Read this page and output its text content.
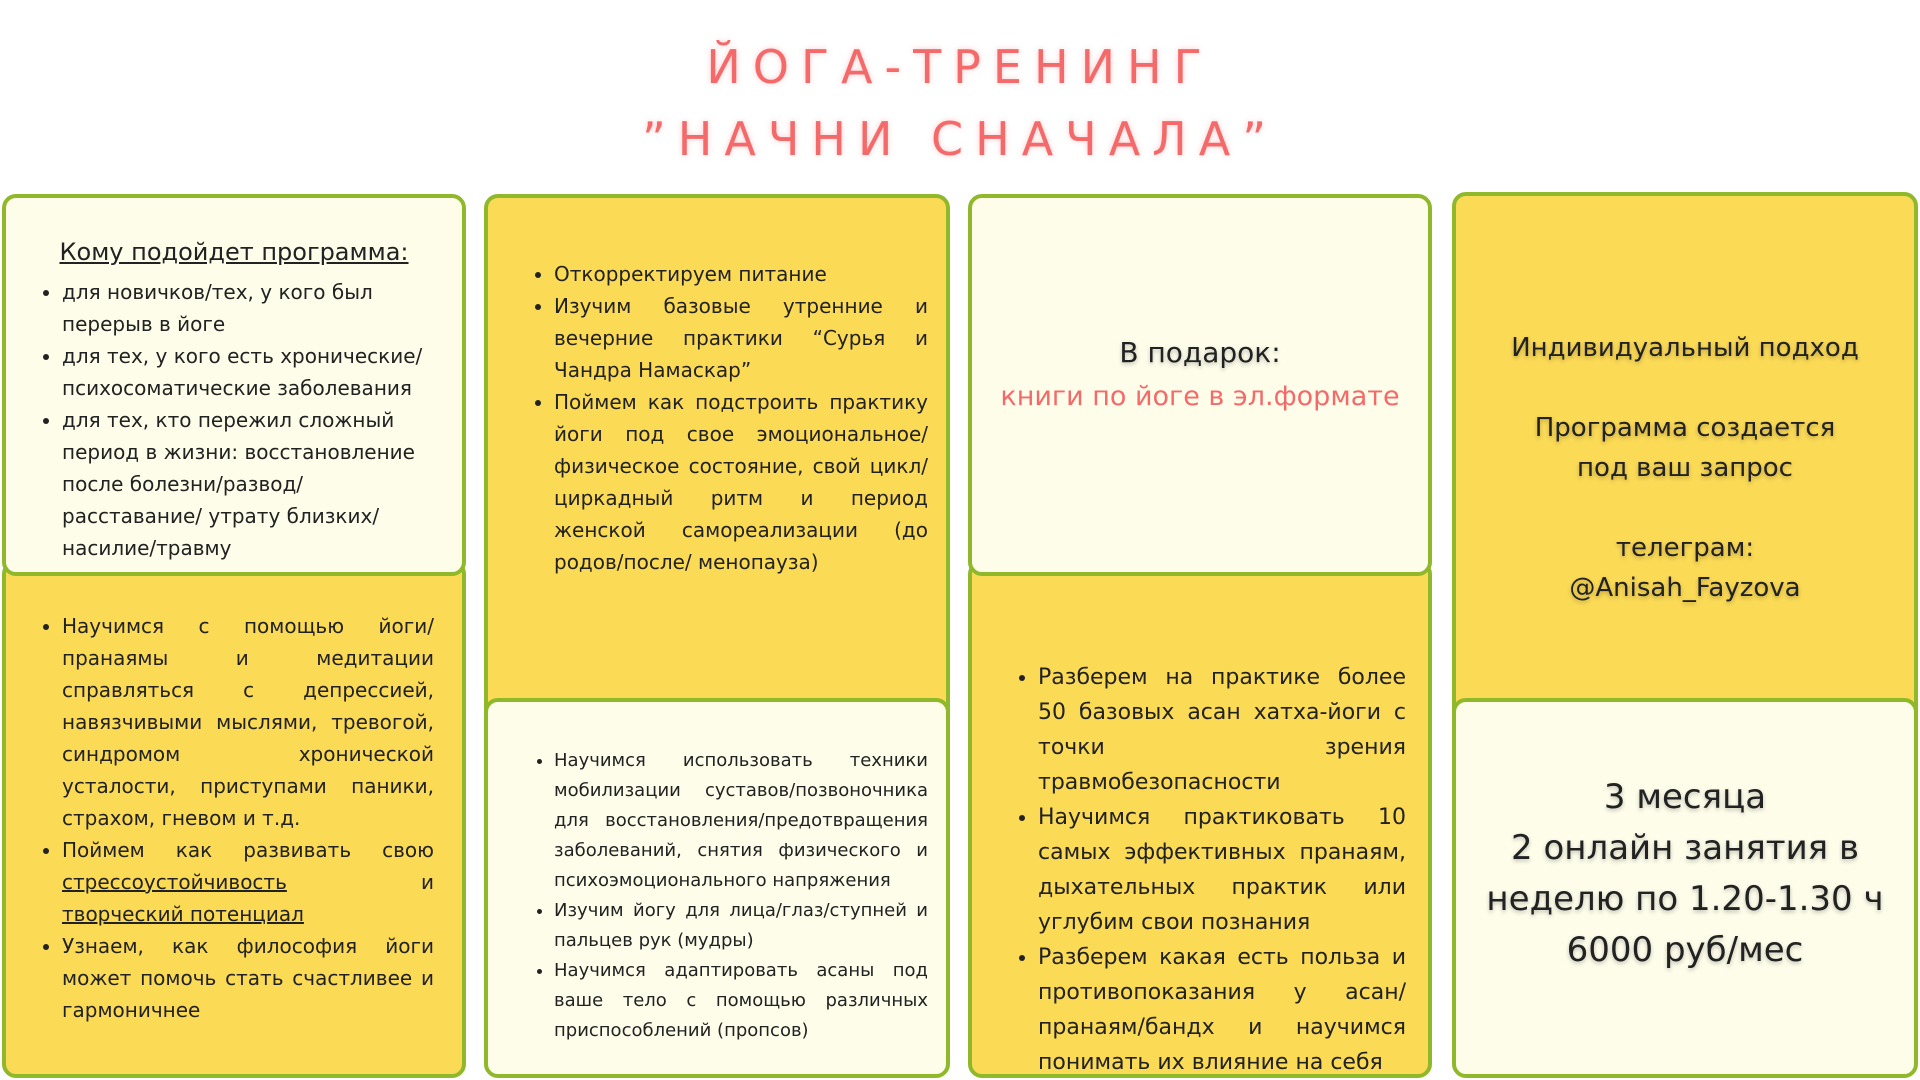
ЙОГА-ТРЕНИНГ
”НАЧНИ СНАЧАЛА”
• Научимся с помощью йоги/ пранаямы и медитации справляться с депрессией, навязчивыми мыслями, тревогой, синдромом хронической усталости, приступами паники, страхом, гневом и т.д.
• Поймем как развивать свою стрессоустойчивость	и творческий потенциал
• Узнаем, как философия йоги может помочь стать счастливее и гармоничнее
Кому подойдет программа:
• для новичков/тех, у кого был перерыв в йоге
• для тех, у кого есть хронические/ психосоматические заболевания
• для тех, кто пережил сложный период в жизни: восстановление после болезни/развод/расставание/ утрату близких/насилие/травму
• Откорректируем питание
• Изучим базовые утренние и вечерние практики “Сурья и Чандра Намаскар”
• Поймем как подстроить практику йоги под свое эмоциональное/ физическое состояние, свой цикл/ циркадный ритм и период женской самореализации (до родов/после/ менопауза)
• Научимся использовать техники мобилизации суставов/позвоночника для восстановления/предотвращения заболеваний, снятия физического и психоэмоционального напряжения
• Изучим йогу для лица/глаз/ступней и пальцев рук (мудры)
• Научимся адаптировать асаны под ваше тело с помощью различных приспособлений (пропсов)
• Разберем на практике более 50 базовых асан хатха-йоги с точки зрения травмобезопасности
• Научимся практиковать 10 самых эффективных пранаям, дыхательных практик или углубим свои познания
• Разберем какая есть польза и противопоказания у асан/ пранаям/бандх и научимся понимать их влияние на себя
В подарок:
книги по йоге в эл.формате
Индивидуальный подход
Программа создается
под ваш запрос
телеграм:
@Anisah_Fayzova
3 месяца
2 онлайн занятия в
неделю по 1.20-1.30 ч
6000 руб/мес
